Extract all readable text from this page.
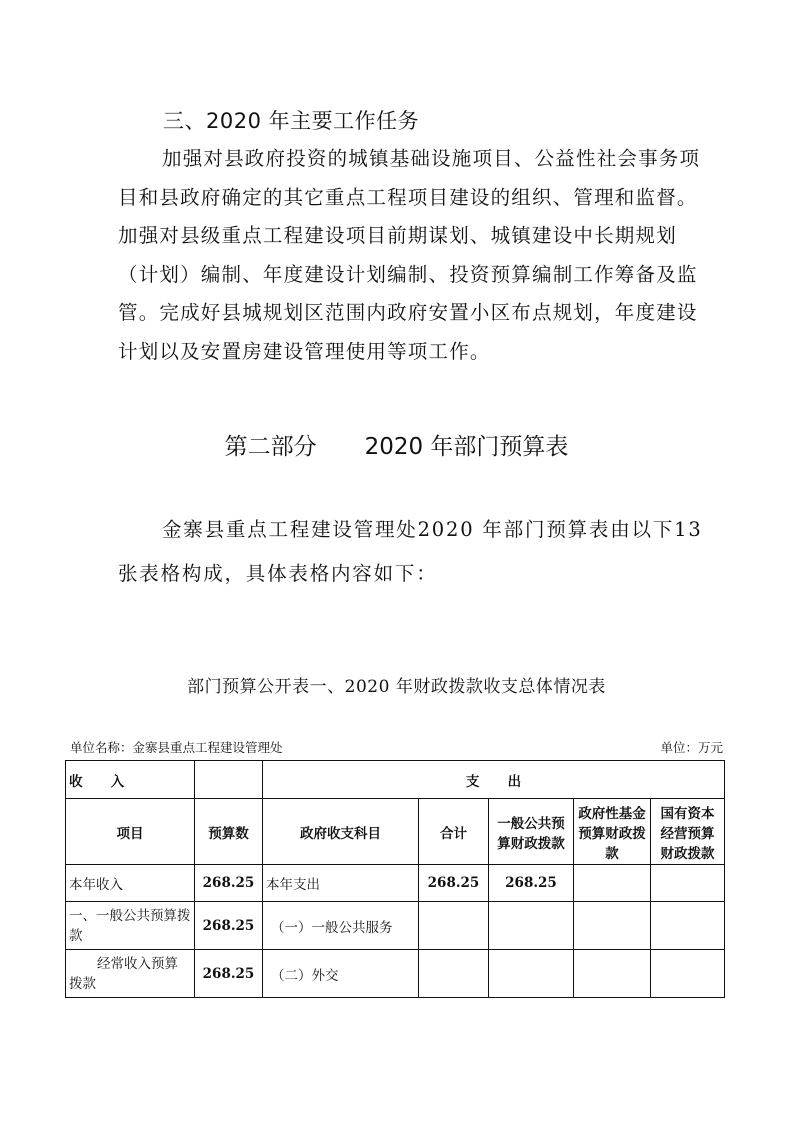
三、2020 年主要工作任务
加强对县政府投资的城镇基础设施项目、公益性社会事务项
目和县政府确定的其它重点工程项目建设的组织、管理和监督。
加强对县级重点工程建设项目前期谋划、城镇建设中长期规划
（计划）编制、年度建设计划编制、投资预算编制工作筹备及监
管。完成好县城规划区范围内政府安置小区布点规划，年度建设
计划以及安置房建设管理使用等项工作。
第二部分 2020 年部门预算表
金寨县重点工程建设管理处2020 年部门预算表由以下13
张表格构成，具体表格内容如下：
部门预算公开表一、2020 年财政拨款收支总体情况表
单位名称：金寨县重点工程建设管理处	单位：万元
收      入		支      出				
项目	预算数	政府收支科目	合计	一般公共预算财政拨款	政府性基金预算财政拨款	国有资本经营预算财政拨款
本年收入	268.25	本年支出	268.25	268.25		
一、一般公共预算拨款	268.25	（一）一般公共服务				
经常收入预算拨款	268.25	（二）外交				
